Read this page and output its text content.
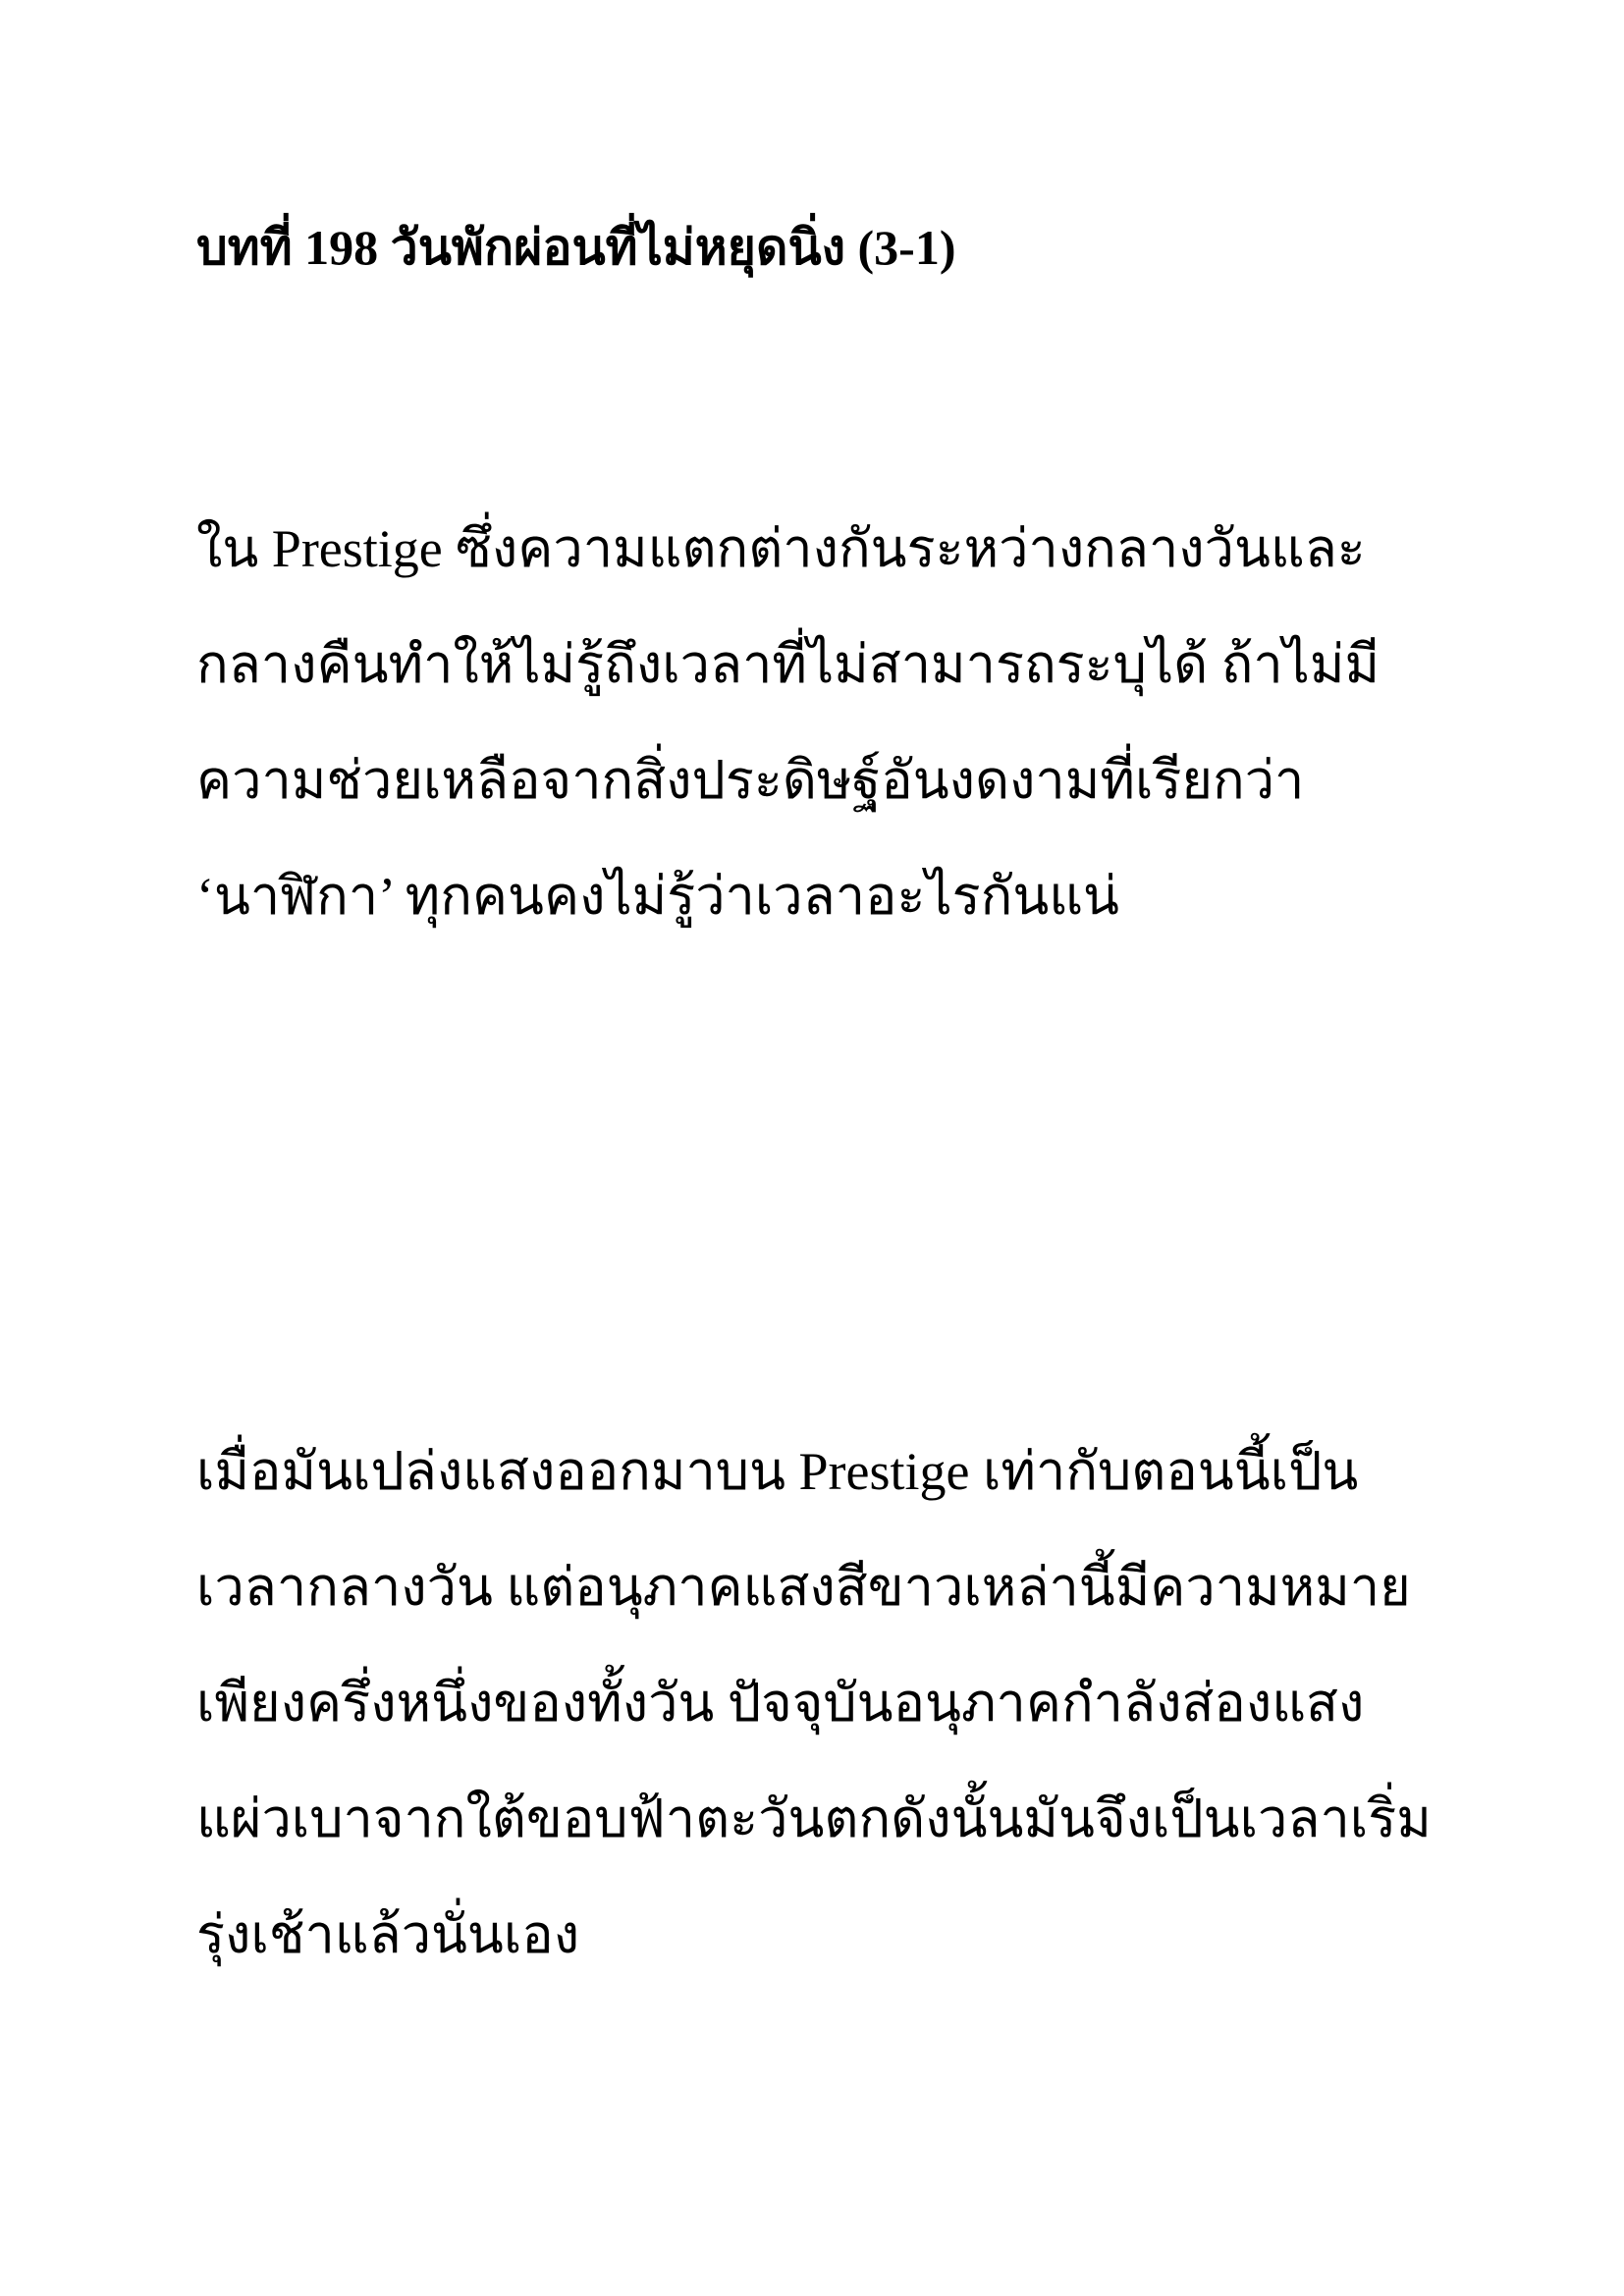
บทที่ 198 วันพักผ่อนที่ไม่หยุดนิ่ง (3-1)
ใน Prestige ซึ่งความแตกต่างกันระหว่างกลางวันและ
กลางคืนทำให้ไม่รู้ถึงเวลาที่ไม่สามารถระบุได้ ถ้าไม่มี
ความช่วยเหลือจากสิ่งประดิษฐ์อันงดงามที่เรียกว่า
‘นาฬิกา’ ทุกคนคงไม่รู้ว่าเวลาอะไรกันแน่
เมื่อมันเปล่งแสงออกมาบน Prestige เท่ากับตอนนี้เป็น
เวลากลางวัน แต่อนุภาคแสงสีขาวเหล่านี้มีความหมาย
เพียงครึ่งหนึ่งของทั้งวัน ปัจจุบันอนุภาคกำลังส่องแสง
แผ่วเบาจากใต้ขอบฟ้าตะวันตกดังนั้นมันจึงเป็นเวลาเริ่ม
รุ่งเช้าแล้วนั่นเอง
